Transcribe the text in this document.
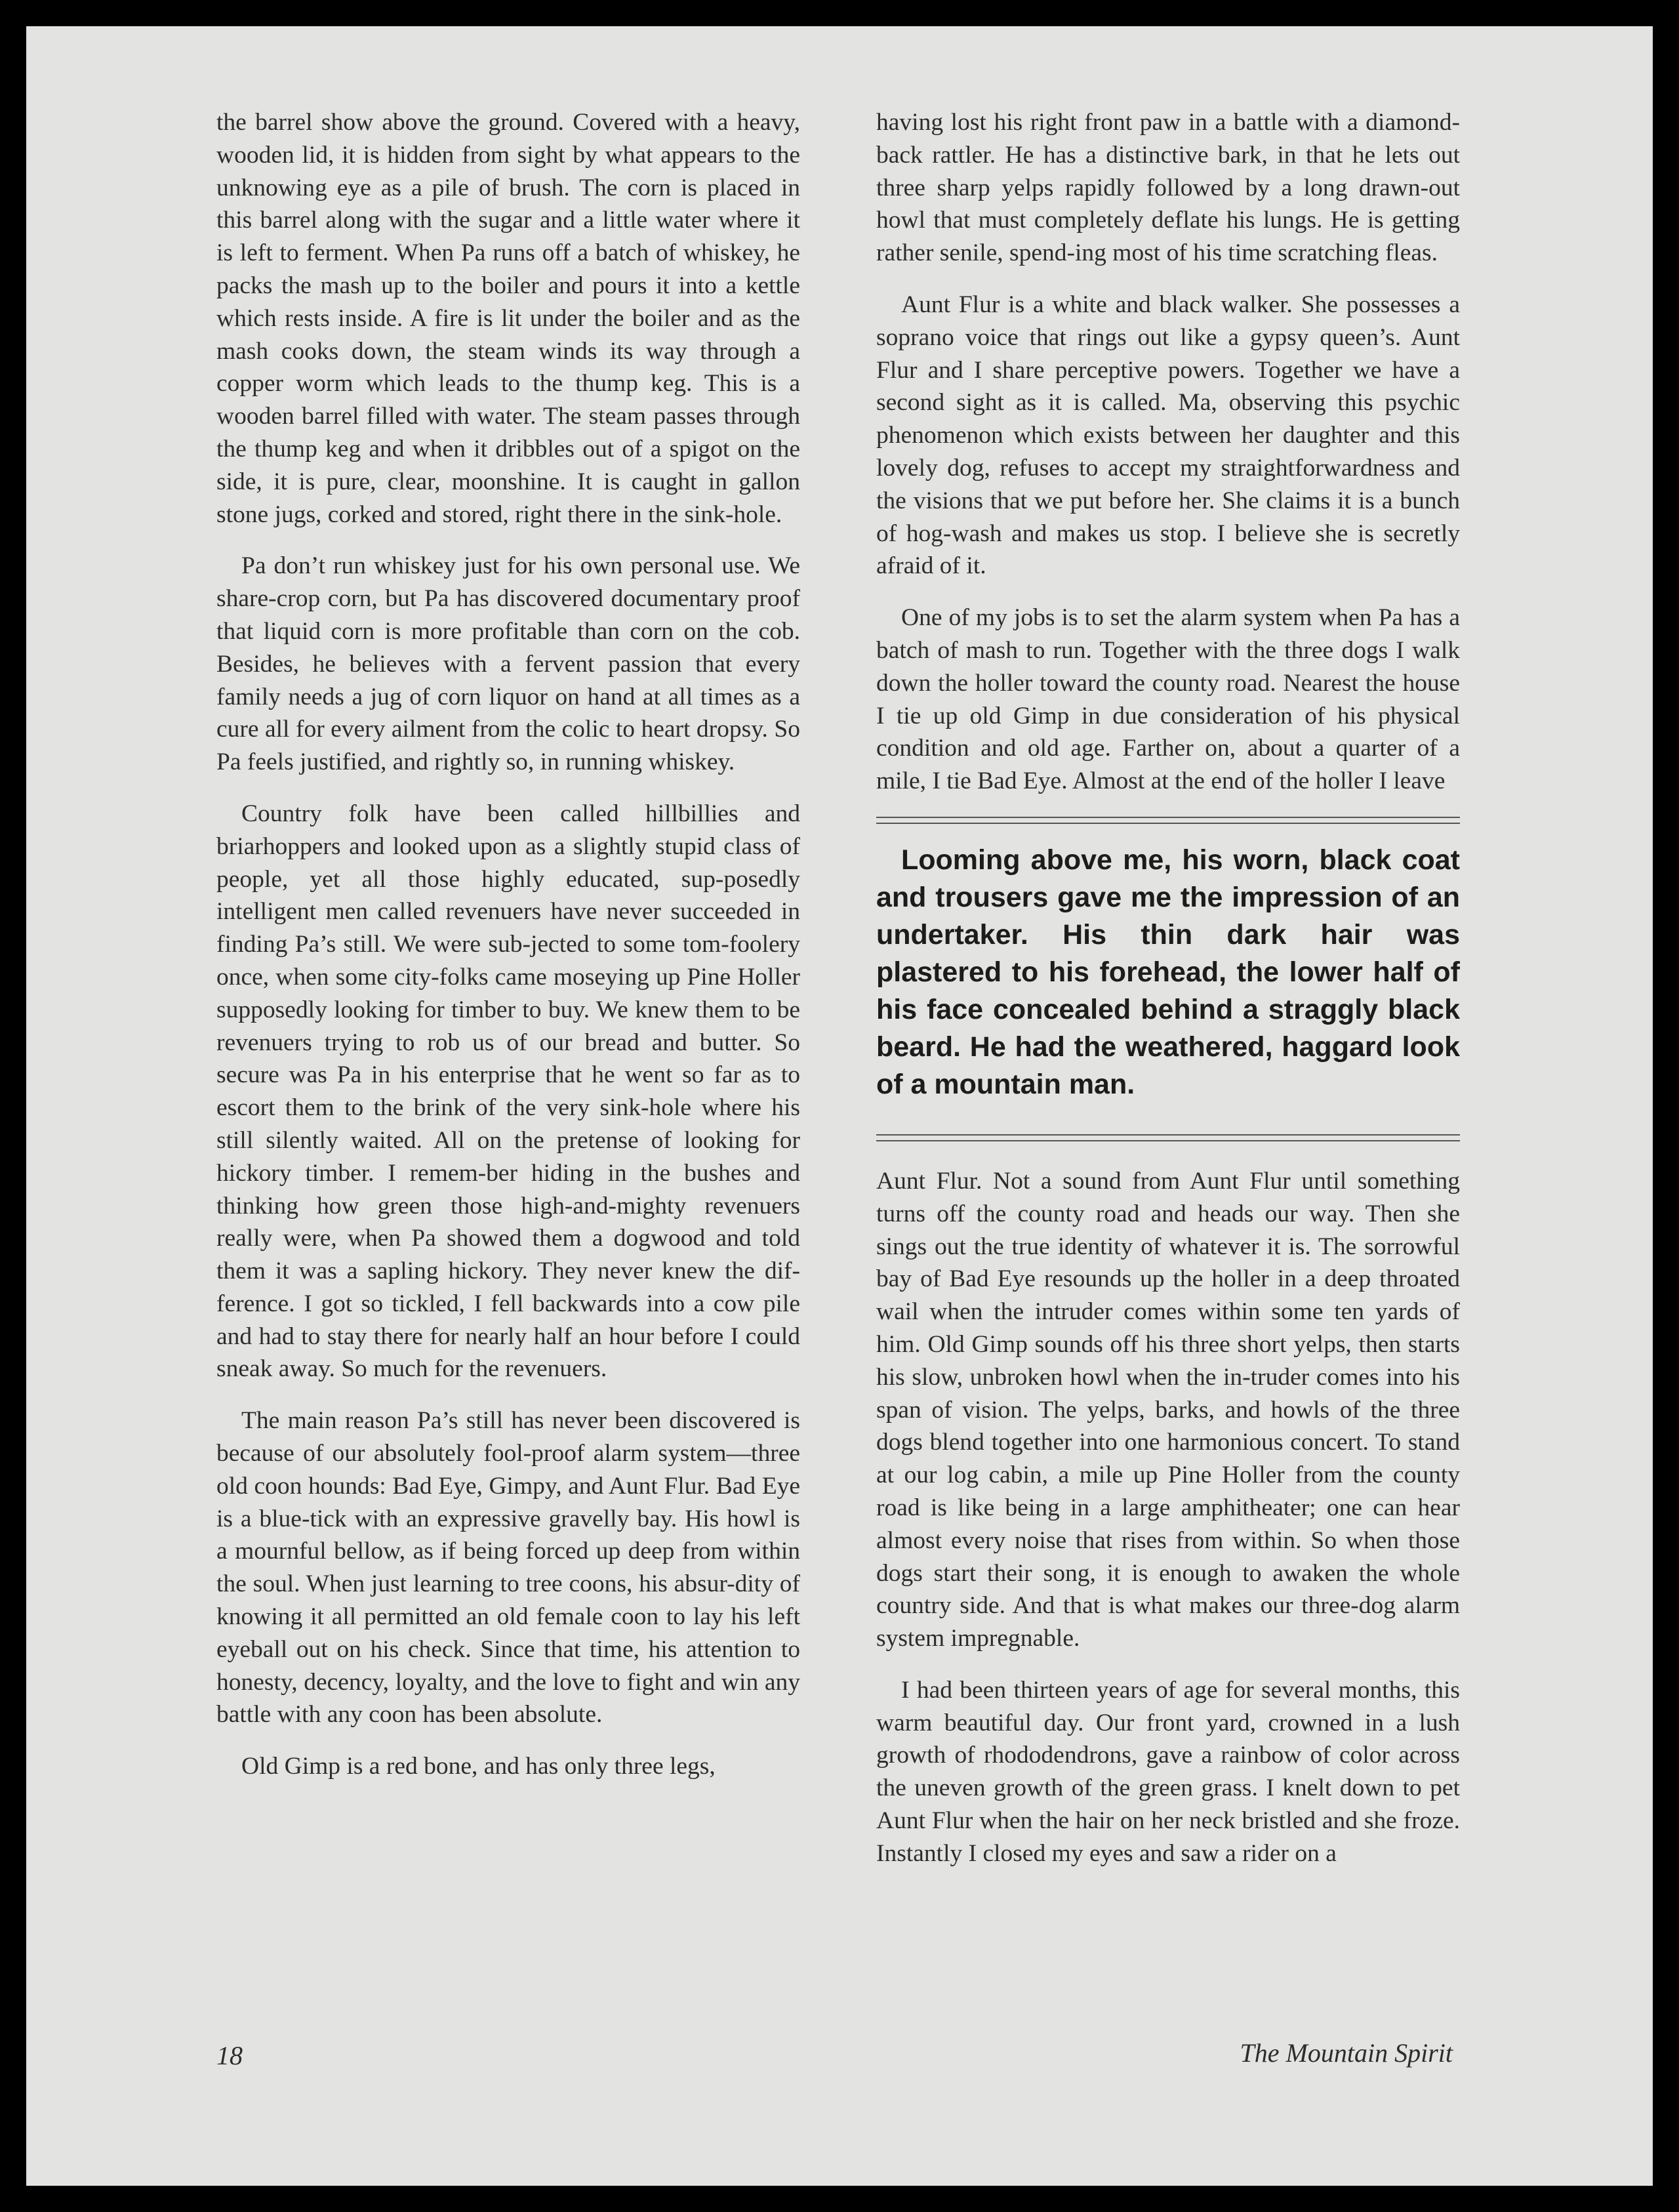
the barrel show above the ground. Covered with a heavy, wooden lid, it is hidden from sight by what appears to the unknowing eye as a pile of brush. The corn is placed in this barrel along with the sugar and a little water where it is left to ferment. When Pa runs off a batch of whiskey, he packs the mash up to the boiler and pours it into a kettle which rests inside. A fire is lit under the boiler and as the mash cooks down, the steam winds its way through a copper worm which leads to the thump keg. This is a wooden barrel filled with water. The steam passes through the thump keg and when it dribbles out of a spigot on the side, it is pure, clear, moonshine. It is caught in gallon stone jugs, corked and stored, right there in the sink-hole.

Pa don’t run whiskey just for his own personal use. We share-crop corn, but Pa has discovered documentary proof that liquid corn is more profitable than corn on the cob. Besides, he believes with a fervent passion that every family needs a jug of corn liquor on hand at all times as a cure all for every ailment from the colic to heart dropsy. So Pa feels justified, and rightly so, in running whiskey.

Country folk have been called hillbillies and briarhoppers and looked upon as a slightly stupid class of people, yet all those highly educated, sup-posedly intelligent men called revenuers have never succeeded in finding Pa’s still. We were sub-jected to some tom-foolery once, when some city-folks came moseying up Pine Holler supposedly looking for timber to buy. We knew them to be revenuers trying to rob us of our bread and butter. So secure was Pa in his enterprise that he went so far as to escort them to the brink of the very sink-hole where his still silently waited. All on the pretense of looking for hickory timber. I remem-ber hiding in the bushes and thinking how green those high-and-mighty revenuers really were, when Pa showed them a dogwood and told them it was a sapling hickory. They never knew the dif-ference. I got so tickled, I fell backwards into a cow pile and had to stay there for nearly half an hour before I could sneak away. So much for the revenuers.

The main reason Pa’s still has never been discovered is because of our absolutely fool-proof alarm system—three old coon hounds: Bad Eye, Gimpy, and Aunt Flur. Bad Eye is a blue-tick with an expressive gravelly bay. His howl is a mournful bellow, as if being forced up deep from within the soul. When just learning to tree coons, his absur-dity of knowing it all permitted an old female coon to lay his left eyeball out on his check. Since that time, his attention to honesty, decency, loyalty, and the love to fight and win any battle with any coon has been absolute.

Old Gimp is a red bone, and has only three legs,

having lost his right front paw in a battle with a diamond-back rattler. He has a distinctive bark, in that he lets out three sharp yelps rapidly followed by a long drawn-out howl that must completely deflate his lungs. He is getting rather senile, spend-ing most of his time scratching fleas.

Aunt Flur is a white and black walker. She possesses a soprano voice that rings out like a gypsy queen’s. Aunt Flur and I share perceptive powers. Together we have a second sight as it is called. Ma, observing this psychic phenomenon which exists between her daughter and this lovely dog, refuses to accept my straightforwardness and the visions that we put before her. She claims it is a bunch of hog-wash and makes us stop. I believe she is secretly afraid of it.

One of my jobs is to set the alarm system when Pa has a batch of mash to run. Together with the three dogs I walk down the holler toward the county road. Nearest the house I tie up old Gimp in due consideration of his physical condition and old age. Farther on, about a quarter of a mile, I tie Bad Eye. Almost at the end of the holler I leave

Looming above me, his worn, black coat and trousers gave me the impression of an undertaker. His thin dark hair was plastered to his forehead, the lower half of his face concealed behind a straggly black beard. He had the weathered, haggard look of a mountain man.

Aunt Flur. Not a sound from Aunt Flur until something turns off the county road and heads our way. Then she sings out the true identity of whatever it is. The sorrowful bay of Bad Eye resounds up the holler in a deep throated wail when the intruder comes within some ten yards of him. Old Gimp sounds off his three short yelps, then starts his slow, unbroken howl when the in-truder comes into his span of vision. The yelps, barks, and howls of the three dogs blend together into one harmonious concert. To stand at our log cabin, a mile up Pine Holler from the county road is like being in a large amphitheater; one can hear almost every noise that rises from within. So when those dogs start their song, it is enough to awaken the whole country side. And that is what makes our three-dog alarm system impregnable.

I had been thirteen years of age for several months, this warm beautiful day. Our front yard, crowned in a lush growth of rhododendrons, gave a rainbow of color across the uneven growth of the green grass. I knelt down to pet Aunt Flur when the hair on her neck bristled and she froze. Instantly I closed my eyes and saw a rider on a

18	The Mountain Spirit
